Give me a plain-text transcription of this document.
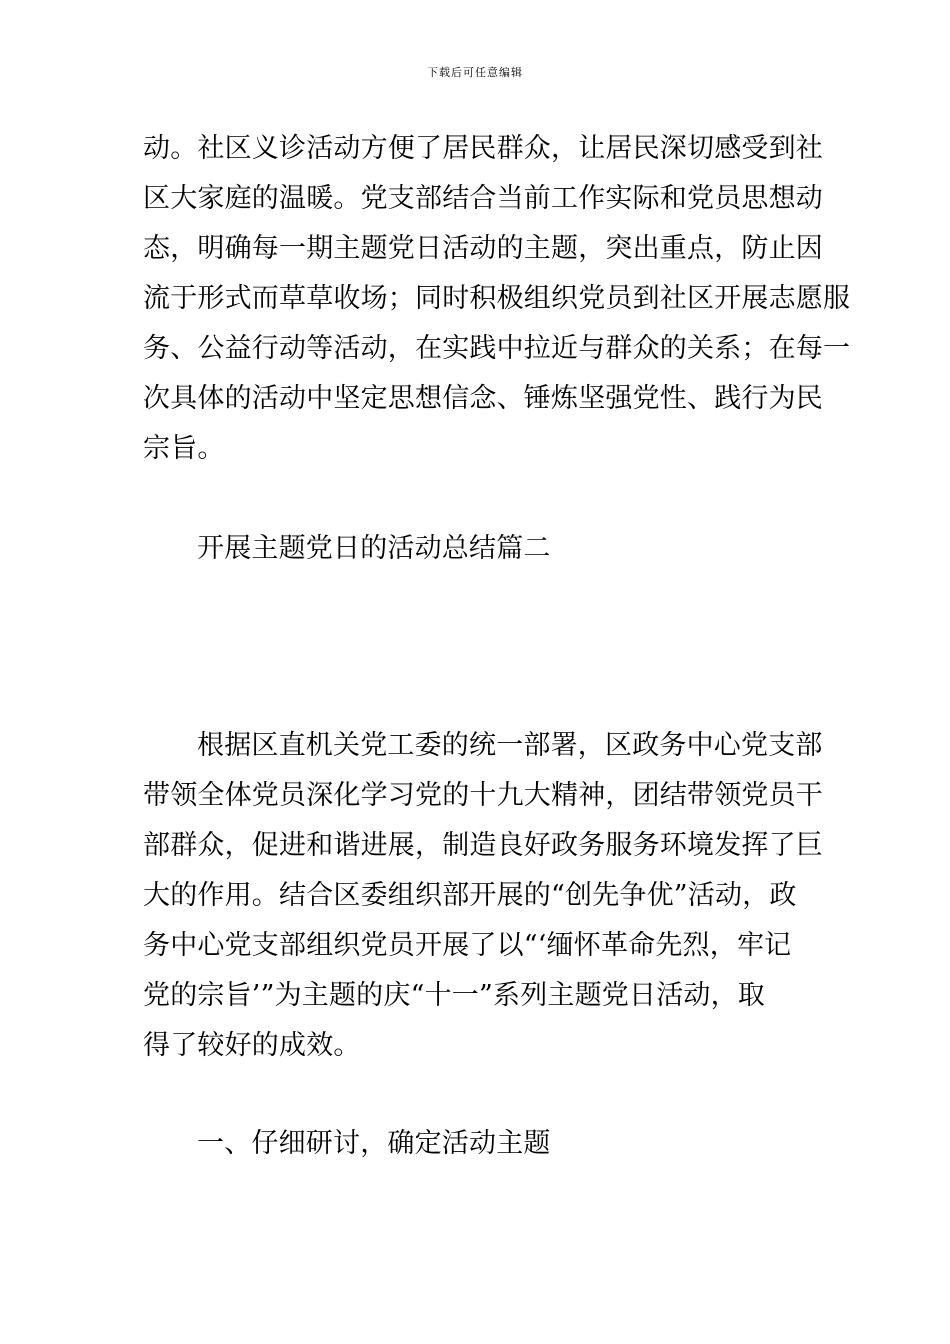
下载后可任意编辑
动。社区义诊活动方便了居民群众，让居民深切感受到社
区大家庭的温暖。党支部结合当前工作实际和党员思想动
态，明确每一期主题党日活动的主题，突出重点，防止因
流于形式而草草收场；同时积极组织党员到社区开展志愿服
务、公益行动等活动，在实践中拉近与群众的关系；在每一
次具体的活动中坚定思想信念、锤炼坚强党性、践行为民
宗旨。
开展主题党日的活动总结篇二
根据区直机关党工委的统一部署，区政务中心党支部
带领全体党员深化学习党的十九大精神，团结带领党员干
部群众，促进和谐进展，制造良好政务服务环境发挥了巨
大的作用。结合区委组织部开展的“创先争优”活动，政
务中心党支部组织党员开展了以“‘缅怀革命先烈，牢记
党的宗旨’”为主题的庆“十一”系列主题党日活动，取
得了较好的成效。
一、仔细研讨，确定活动主题
